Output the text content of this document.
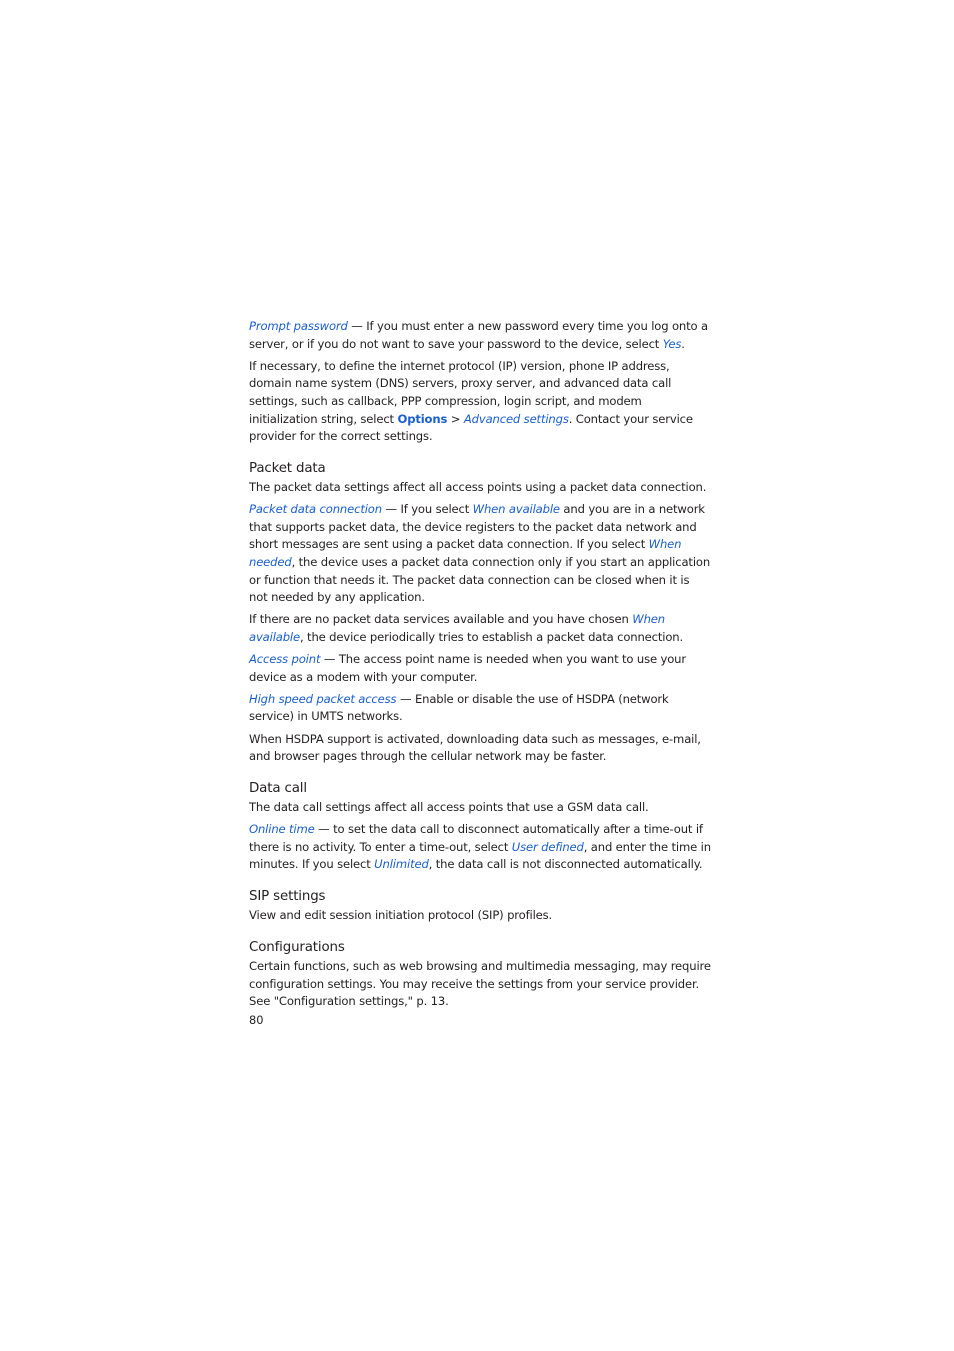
Prompt password — If you must enter a new password every time you log onto a server, or if you do not want to save your password to the device, select Yes.

If necessary, to define the internet protocol (IP) version, phone IP address, domain name system (DNS) servers, proxy server, and advanced data call settings, such as callback, PPP compression, login script, and modem initialization string, select Options > Advanced settings. Contact your service provider for the correct settings.

Packet data

The packet data settings affect all access points using a packet data connection.

Packet data connection — If you select When available and you are in a network that supports packet data, the device registers to the packet data network and short messages are sent using a packet data connection. If you select When needed, the device uses a packet data connection only if you start an application or function that needs it. The packet data connection can be closed when it is not needed by any application.

If there are no packet data services available and you have chosen When available, the device periodically tries to establish a packet data connection.

Access point — The access point name is needed when you want to use your device as a modem with your computer.

High speed packet access — Enable or disable the use of HSDPA (network service) in UMTS networks.

When HSDPA support is activated, downloading data such as messages, e-mail, and browser pages through the cellular network may be faster.

Data call

The data call settings affect all access points that use a GSM data call.

Online time — to set the data call to disconnect automatically after a time-out if there is no activity. To enter a time-out, select User defined, and enter the time in minutes. If you select Unlimited, the data call is not disconnected automatically.

SIP settings

View and edit session initiation protocol (SIP) profiles.

Configurations

Certain functions, such as web browsing and multimedia messaging, may require configuration settings. You may receive the settings from your service provider. See "Configuration settings," p. 13.

80
